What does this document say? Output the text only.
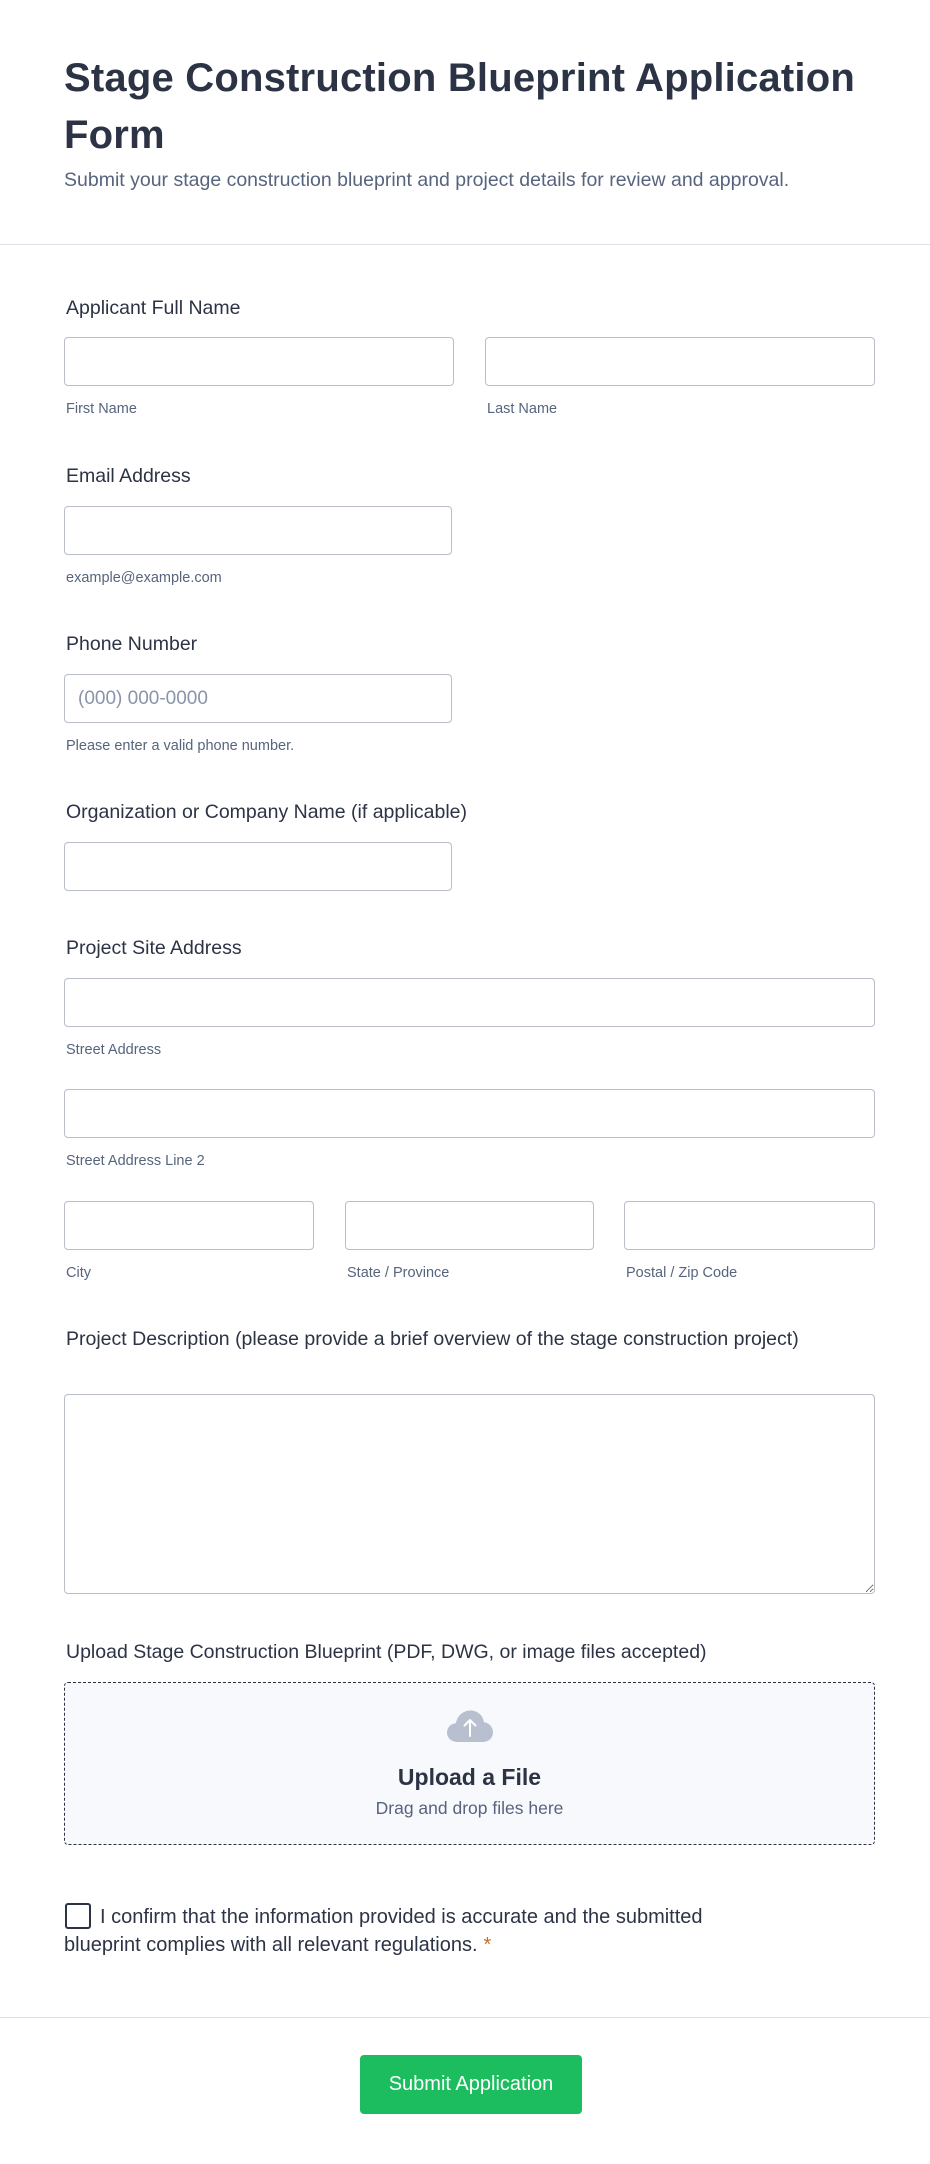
Stage Construction Blueprint Application Form

Submit your stage construction blueprint and project details for review and approval.

Applicant Full Name
First Name	Last Name
Email Address
example@example.com
Phone Number
(000) 000-0000
Please enter a valid phone number.
Organization or Company Name (if applicable)
Project Site Address
Street Address
Street Address Line 2
City	State / Province	Postal / Zip Code
Project Description (please provide a brief overview of the stage construction project)
Upload Stage Construction Blueprint (PDF, DWG, or image files accepted)
Upload a File
Drag and drop files here
I confirm that the information provided is accurate and the submitted blueprint complies with all relevant regulations. *
Submit Application
